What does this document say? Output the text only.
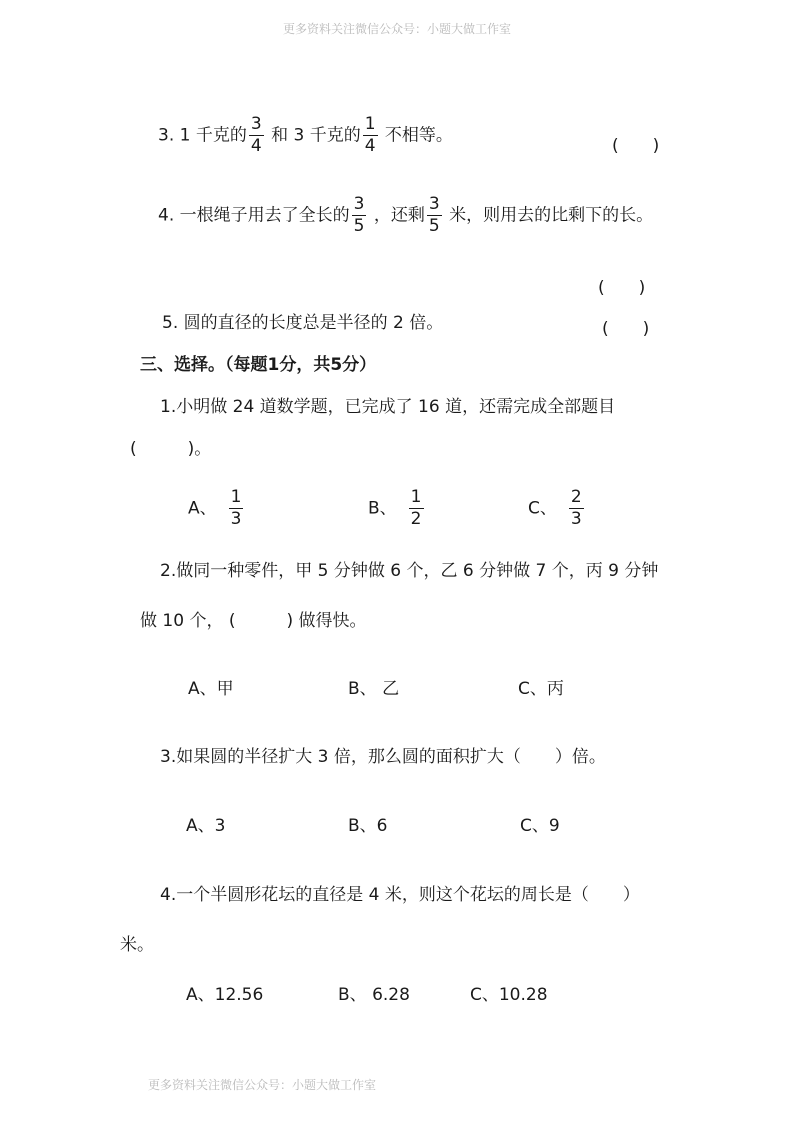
更多资料关注微信公众号：小题大做工作室
3. 1 千克的 $\frac{3}{4}$ 和 3 千克的 $\frac{1}{4}$ 不相等。
(　　)
4. 一根绳子用去了全长的 $\frac{3}{5}$ ，还剩 $\frac{3}{5}$ 米，则用去的比剩下的长。
(　　)
5. 圆的直径的长度总是半径的 2 倍。	(　　)
三、选择。（每题1分，共5分）
1.小明做 24 道数学题，已完成了 16 道，还需完成全部题目
(　　　)。
A、 $\frac{1}{3}$	B、 $\frac{1}{2}$	C、 $\frac{2}{3}$
2.做同一种零件，甲 5 分钟做 6 个，乙 6 分钟做 7 个，丙 9 分钟
做 10 个， (　　　) 做得快。
A、甲	B、 乙	C、丙
3.如果圆的半径扩大 3 倍，那么圆的面积扩大（　　）倍。
A、3	B、6	C、9
4.一个半圆形花坛的直径是 4 米，则这个花坛的周长是（　　）
米。
A、12.56	B、 6.28	C、10.28
更多资料关注微信公众号：小题大做工作室
